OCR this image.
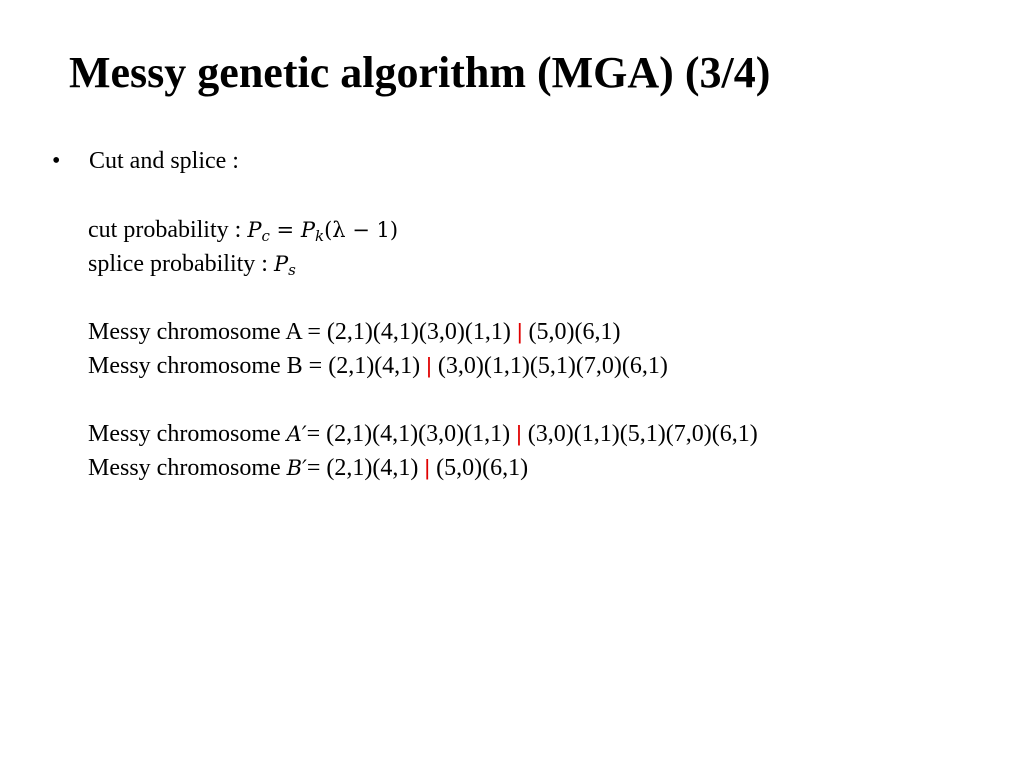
Messy genetic algorithm (MGA) (3/4)
• Cut and splice :
cut probability : $P_c = P_k(\lambda - 1)$
splice probability : $P_s$
Messy chromosome A = (2,1)(4,1)(3,0)(1,1) | (5,0)(6,1)
Messy chromosome B = (2,1)(4,1) | (3,0)(1,1)(5,1)(7,0)(6,1)
Messy chromosome A′= (2,1)(4,1)(3,0)(1,1) | (3,0)(1,1)(5,1)(7,0)(6,1)
Messy chromosome B′= (2,1)(4,1) | (5,0)(6,1)
